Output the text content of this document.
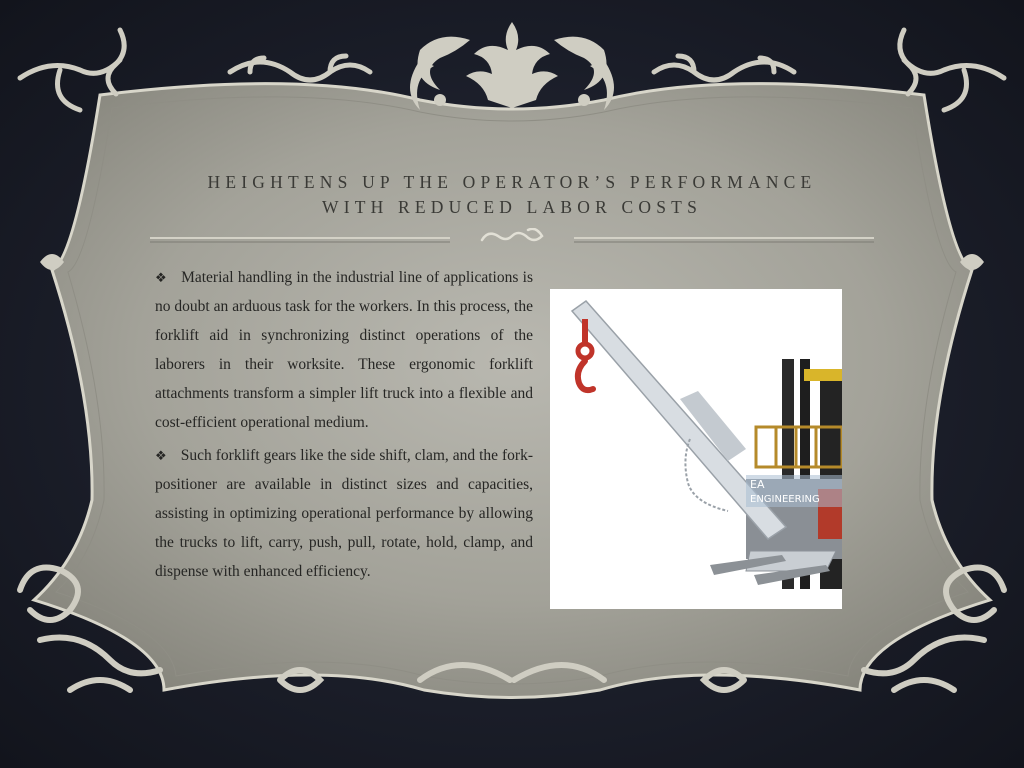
HEIGHTENS UP THE OPERATOR’S PERFORMANCE
WITH REDUCED LABOR COSTS

❖ Material handling in the industrial line of applications is no doubt an arduous task for the workers. In this process, the forklift aid in synchronizing distinct operations of the laborers in their worksite. These ergonomic forklift attachments transform a simpler lift truck into a flexible and cost-efficient operational medium.

❖ Such forklift gears like the side shift, clam, and the fork-positioner are available in distinct sizes and capacities, assisting in optimizing operational performance by allowing the trucks to lift, carry, push, pull, rotate, hold, clamp, and dispense with enhanced efficiency.

EA
ENGINEERING
